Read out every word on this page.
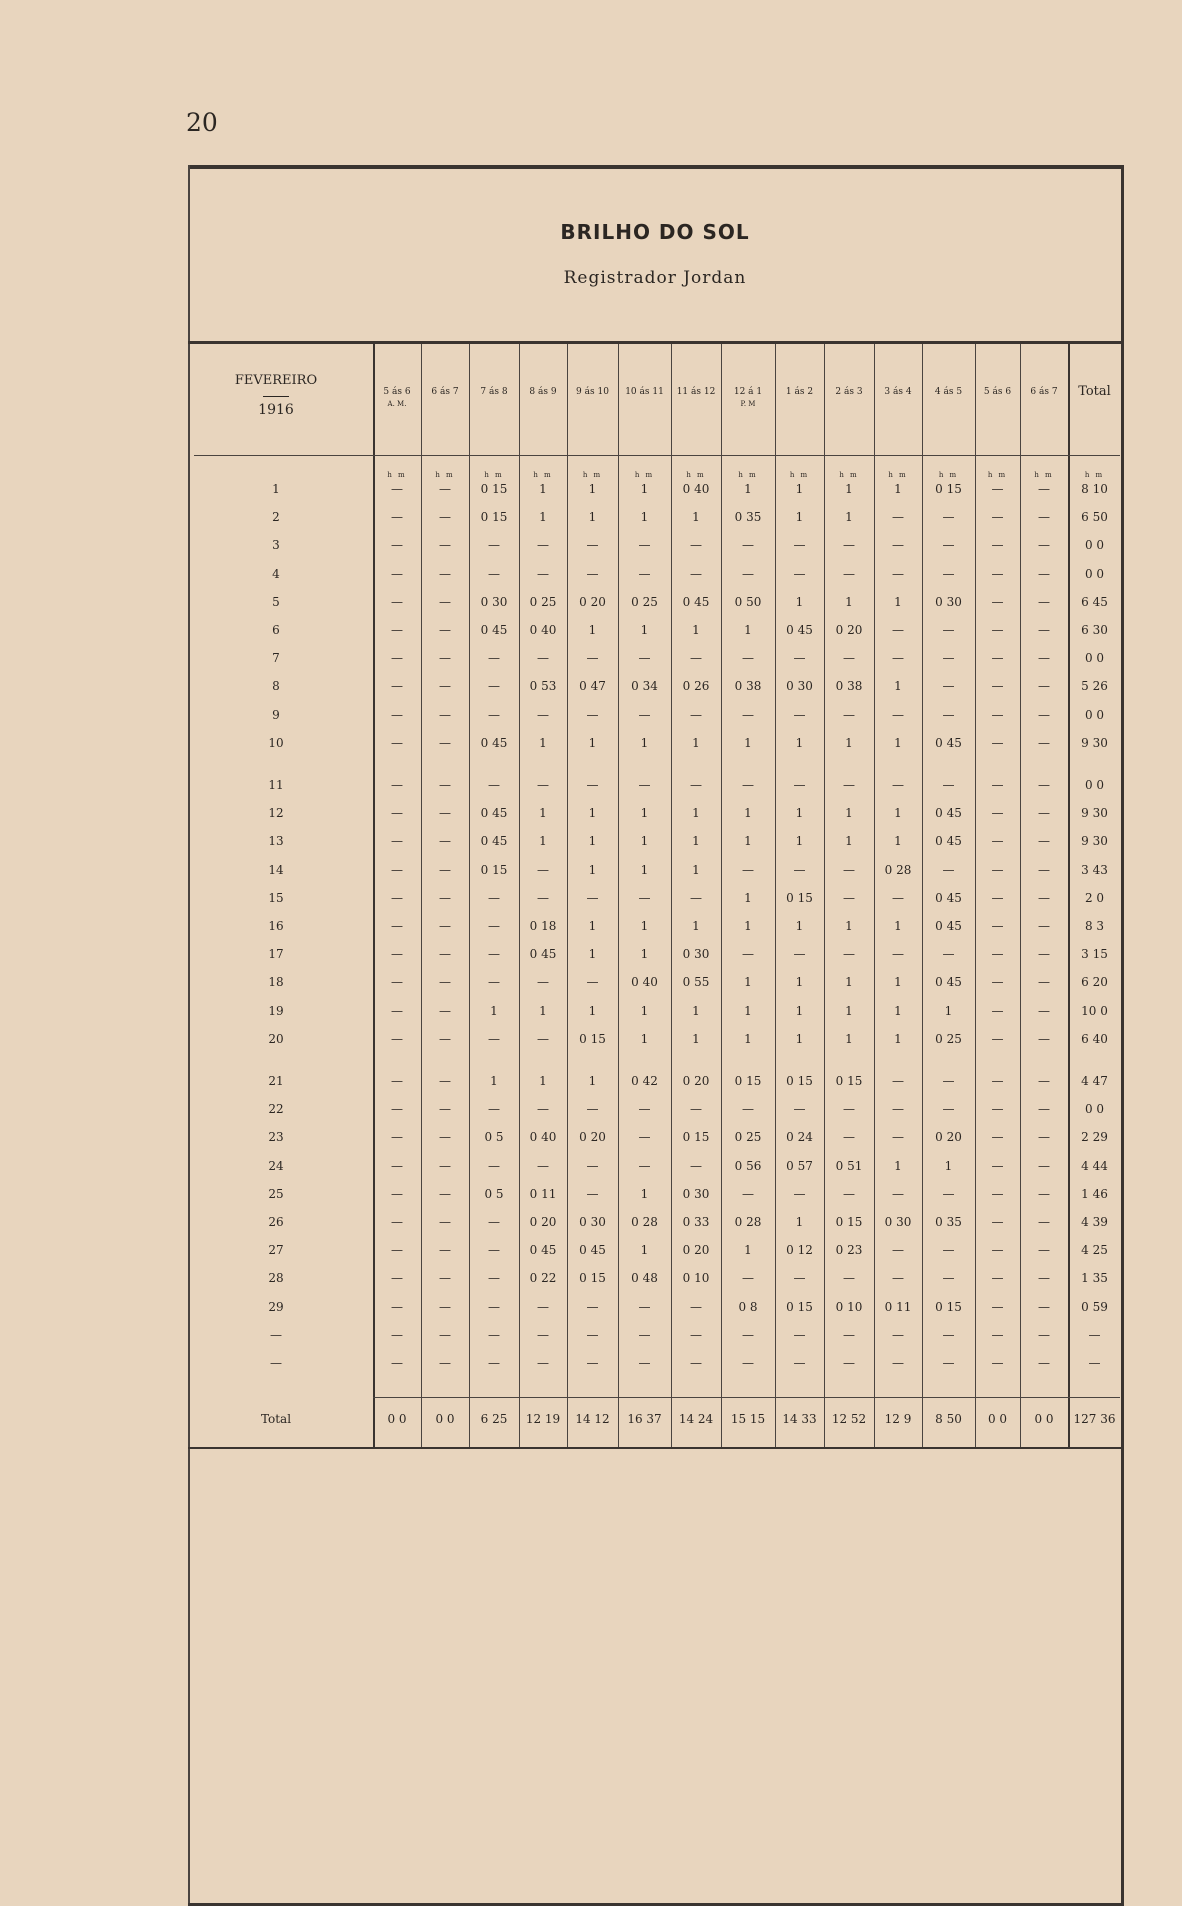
20
BRILHO DO SOL
Registrador Jordan
FEVEREIRO
1916
5 ás 6
A. M.
h m
6 ás 7
h m
7 ás 8
h m
8 ás 9
h m
9 ás 10
h m
10 ás 11
h m
11 ás 12
h m
12 á 1
P. M
h m
1 ás 2
h m
2 ás 3
h m
3 ás 4
h m
4 ás 5
h m
5 ás 6
h m
6 ás 7
h m
Total
h m
1	—	—	0 15	1	1	1	0 40	1	1	1	1	0 15	—	—	8 10
2	—	—	0 15	1	1	1	1	0 35	1	1	—	—	—	—	6 50
3	—	—	—	—	—	—	—	—	—	—	—	—	—	—	0 0
4	—	—	—	—	—	—	—	—	—	—	—	—	—	—	0 0
5	—	—	0 30	0 25	0 20	0 25	0 45	0 50	1	1	1	0 30	—	—	6 45
6	—	—	0 45	0 40	1	1	1	1	0 45	0 20	—	—	—	—	6 30
7	—	—	—	—	—	—	—	—	—	—	—	—	—	—	0 0
8	—	—	—	0 53	0 47	0 34	0 26	0 38	0 30	0 38	1	—	—	—	5 26
9	—	—	—	—	—	—	—	—	—	—	—	—	—	—	0 0
10	—	—	0 45	1	1	1	1	1	1	1	1	0 45	—	—	9 30
11	—	—	—	—	—	—	—	—	—	—	—	—	—	—	0 0
12	—	—	0 45	1	1	1	1	1	1	1	1	0 45	—	—	9 30
13	—	—	0 45	1	1	1	1	1	1	1	1	0 45	—	—	9 30
14	—	—	0 15	—	1	1	1	—	—	—	0 28	—	—	—	3 43
15	—	—	—	—	—	—	—	1	0 15	—	—	0 45	—	—	2 0
16	—	—	—	0 18	1	1	1	1	1	1	1	0 45	—	—	8 3
17	—	—	—	0 45	1	1	0 30	—	—	—	—	—	—	—	3 15
18	—	—	—	—	—	0 40	0 55	1	1	1	1	0 45	—	—	6 20
19	—	—	1	1	1	1	1	1	1	1	1	1	—	—	10 0
20	—	—	—	—	0 15	1	1	1	1	1	1	0 25	—	—	6 40
21	—	—	1	1	1	0 42	0 20	0 15	0 15	0 15	—	—	—	—	4 47
22	—	—	—	—	—	—	—	—	—	—	—	—	—	—	0 0
23	—	—	0 5	0 40	0 20	—	0 15	0 25	0 24	—	—	0 20	—	—	2 29
24	—	—	—	—	—	—	—	0 56	0 57	0 51	1	1	—	—	4 44
25	—	—	0 5	0 11	—	1	0 30	—	—	—	—	—	—	—	1 46
26	—	—	—	0 20	0 30	0 28	0 33	0 28	1	0 15	0 30	0 35	—	—	4 39
27	—	—	—	0 45	0 45	1	0 20	1	0 12	0 23	—	—	—	—	4 25
28	—	—	—	0 22	0 15	0 48	0 10	—	—	—	—	—	—	—	1 35
29	—	—	—	—	—	—	—	0 8	0 15	0 10	0 11	0 15	—	—	0 59
—	—	—	—	—	—	—	—	—	—	—	—	—	—	—	—
—	—	—	—	—	—	—	—	—	—	—	—	—	—	—	—
Total	0 0	0 0	6 25	12 19	14 12	16 37	14 24	15 15	14 33	12 52	12 9	8 50	0 0	0 0	127 36
